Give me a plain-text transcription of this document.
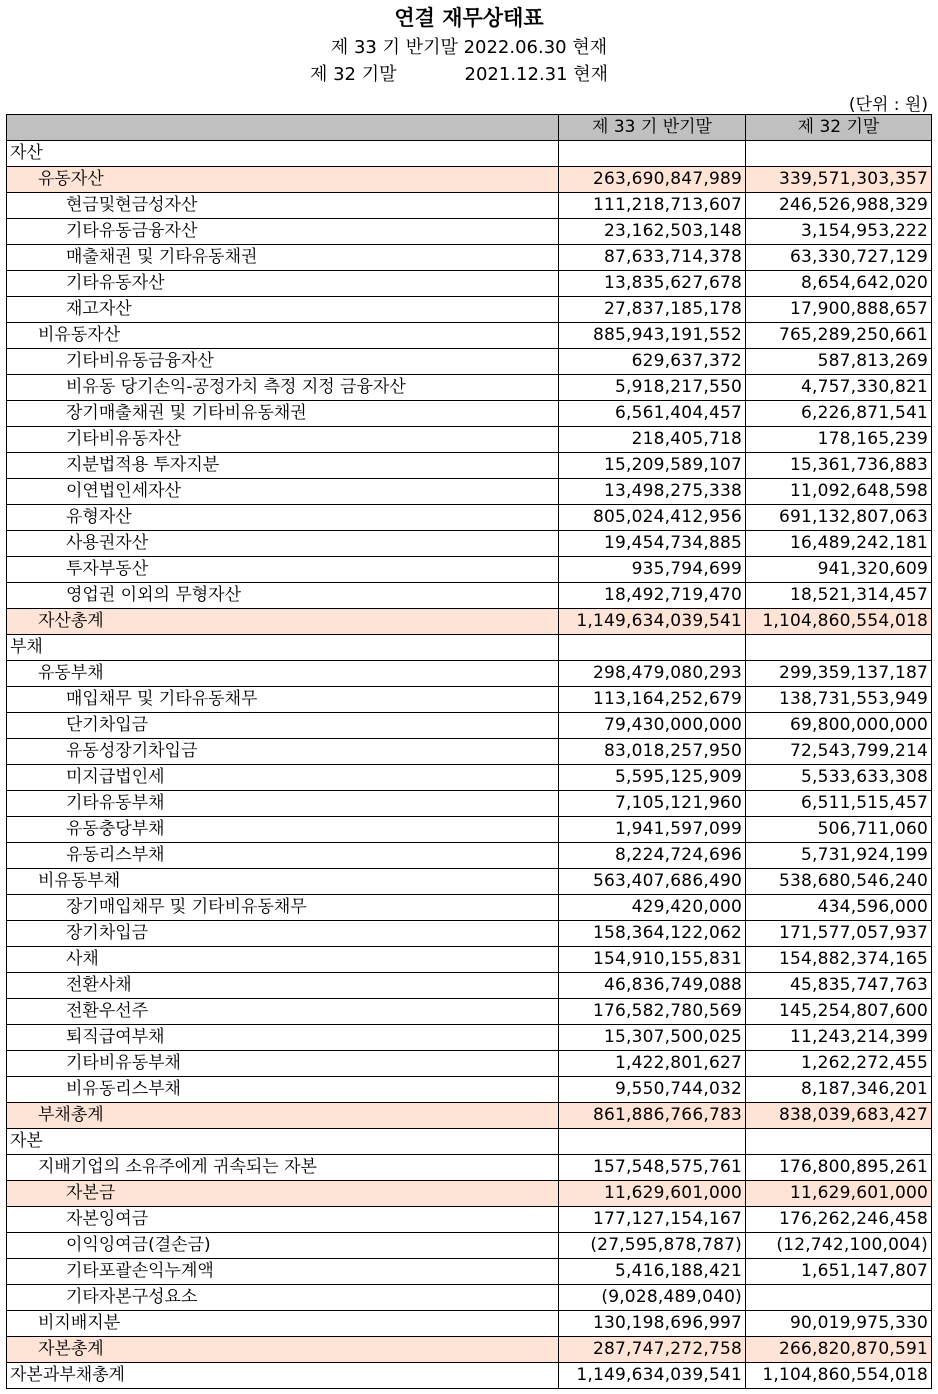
연결 재무상태표
제 33 기 반기말 2022.06.30 현재
제 32 기말	2021.12.31 현재
(단위 : 원)
	제 33 기 반기말	제 32 기말
자산		
유동자산	263,690,847,989	339,571,303,357
현금및현금성자산	111,218,713,607	246,526,988,329
기타유동금융자산	23,162,503,148	3,154,953,222
매출채권 및 기타유동채권	87,633,714,378	63,330,727,129
기타유동자산	13,835,627,678	8,654,642,020
재고자산	27,837,185,178	17,900,888,657
비유동자산	885,943,191,552	765,289,250,661
기타비유동금융자산	629,637,372	587,813,269
비유동 당기손익-공정가치 측정 지정 금융자산	5,918,217,550	4,757,330,821
장기매출채권 및 기타비유동채권	6,561,404,457	6,226,871,541
기타비유동자산	218,405,718	178,165,239
지분법적용 투자지분	15,209,589,107	15,361,736,883
이연법인세자산	13,498,275,338	11,092,648,598
유형자산	805,024,412,956	691,132,807,063
사용권자산	19,454,734,885	16,489,242,181
투자부동산	935,794,699	941,320,609
영업권 이외의 무형자산	18,492,719,470	18,521,314,457
자산총계	1,149,634,039,541	1,104,860,554,018
부채		
유동부채	298,479,080,293	299,359,137,187
매입채무 및 기타유동채무	113,164,252,679	138,731,553,949
단기차입금	79,430,000,000	69,800,000,000
유동성장기차입금	83,018,257,950	72,543,799,214
미지급법인세	5,595,125,909	5,533,633,308
기타유동부채	7,105,121,960	6,511,515,457
유동충당부채	1,941,597,099	506,711,060
유동리스부채	8,224,724,696	5,731,924,199
비유동부채	563,407,686,490	538,680,546,240
장기매입채무 및 기타비유동채무	429,420,000	434,596,000
장기차입금	158,364,122,062	171,577,057,937
사채	154,910,155,831	154,882,374,165
전환사채	46,836,749,088	45,835,747,763
전환우선주	176,582,780,569	145,254,807,600
퇴직급여부채	15,307,500,025	11,243,214,399
기타비유동부채	1,422,801,627	1,262,272,455
비유동리스부채	9,550,744,032	8,187,346,201
부채총계	861,886,766,783	838,039,683,427
자본		
지배기업의 소유주에게 귀속되는 자본	157,548,575,761	176,800,895,261
자본금	11,629,601,000	11,629,601,000
자본잉여금	177,127,154,167	176,262,246,458
이익잉여금(결손금)	(27,595,878,787)	(12,742,100,004)
기타포괄손익누계액	5,416,188,421	1,651,147,807
기타자본구성요소	(9,028,489,040)	
비지배지분	130,198,696,997	90,019,975,330
자본총계	287,747,272,758	266,820,870,591
자본과부채총계	1,149,634,039,541	1,104,860,554,018
